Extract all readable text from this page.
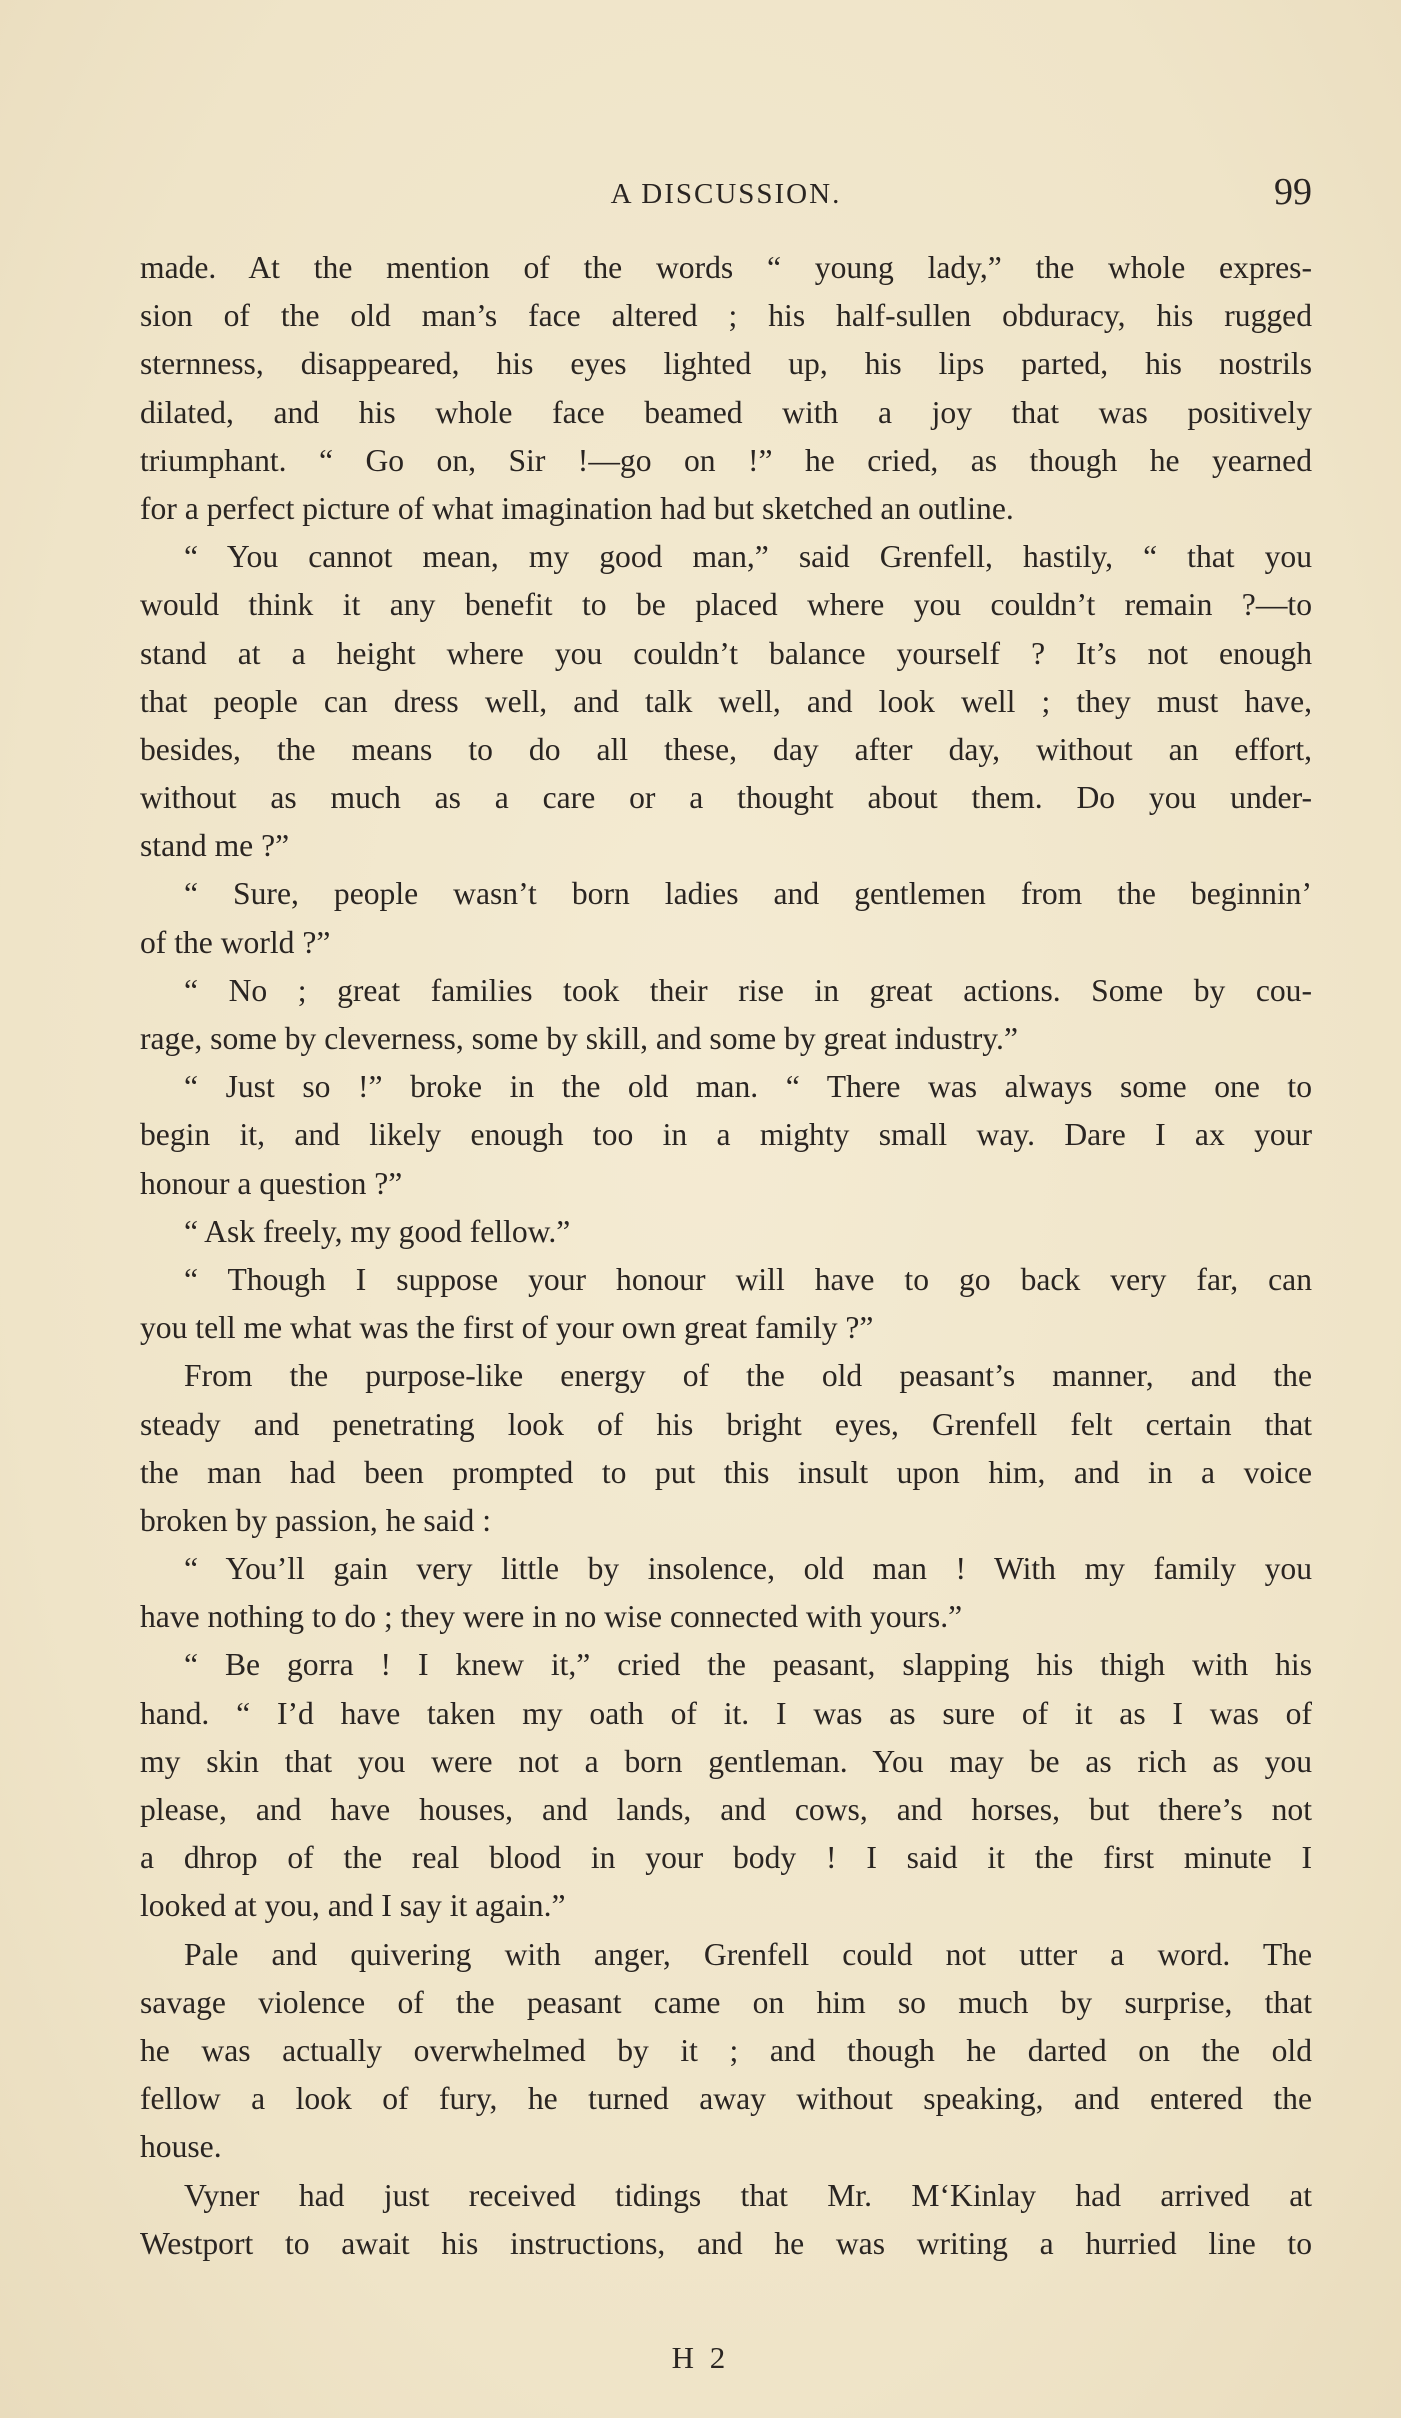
A DISCUSSION.	99
made. At the mention of the words “ young lady,” the whole expres-
sion of the old man’s face altered ; his half-sullen obduracy, his rugged
sternness, disappeared, his eyes lighted up, his lips parted, his nostrils
dilated, and his whole face beamed with a joy that was positively
triumphant. “ Go on, Sir !—go on !” he cried, as though he yearned
for a perfect picture of what imagination had but sketched an outline.
“ You cannot mean, my good man,” said Grenfell, hastily, “ that you
would think it any benefit to be placed where you couldn’t remain ?—to
stand at a height where you couldn’t balance yourself ? It’s not enough
that people can dress well, and talk well, and look well ; they must have,
besides, the means to do all these, day after day, without an effort,
without as much as a care or a thought about them. Do you under-
stand me ?”
“ Sure, people wasn’t born ladies and gentlemen from the beginnin’
of the world ?”
“ No ; great families took their rise in great actions. Some by cou-
rage, some by cleverness, some by skill, and some by great industry.”
“ Just so !” broke in the old man. “ There was always some one to
begin it, and likely enough too in a mighty small way. Dare I ax your
honour a question ?”
“ Ask freely, my good fellow.”
“ Though I suppose your honour will have to go back very far, can
you tell me what was the first of your own great family ?”
From the purpose-like energy of the old peasant’s manner, and the
steady and penetrating look of his bright eyes, Grenfell felt certain that
the man had been prompted to put this insult upon him, and in a voice
broken by passion, he said :
“ You’ll gain very little by insolence, old man ! With my family you
have nothing to do ; they were in no wise connected with yours.”
“ Be gorra ! I knew it,” cried the peasant, slapping his thigh with his
hand. “ I’d have taken my oath of it. I was as sure of it as I was of
my skin that you were not a born gentleman. You may be as rich as you
please, and have houses, and lands, and cows, and horses, but there’s not
a dhrop of the real blood in your body ! I said it the first minute I
looked at you, and I say it again.”
Pale and quivering with anger, Grenfell could not utter a word. The
savage violence of the peasant came on him so much by surprise, that
he was actually overwhelmed by it ; and though he darted on the old
fellow a look of fury, he turned away without speaking, and entered the
house.
Vyner had just received tidings that Mr. M‘Kinlay had arrived at
Westport to await his instructions, and he was writing a hurried line to
H 2
